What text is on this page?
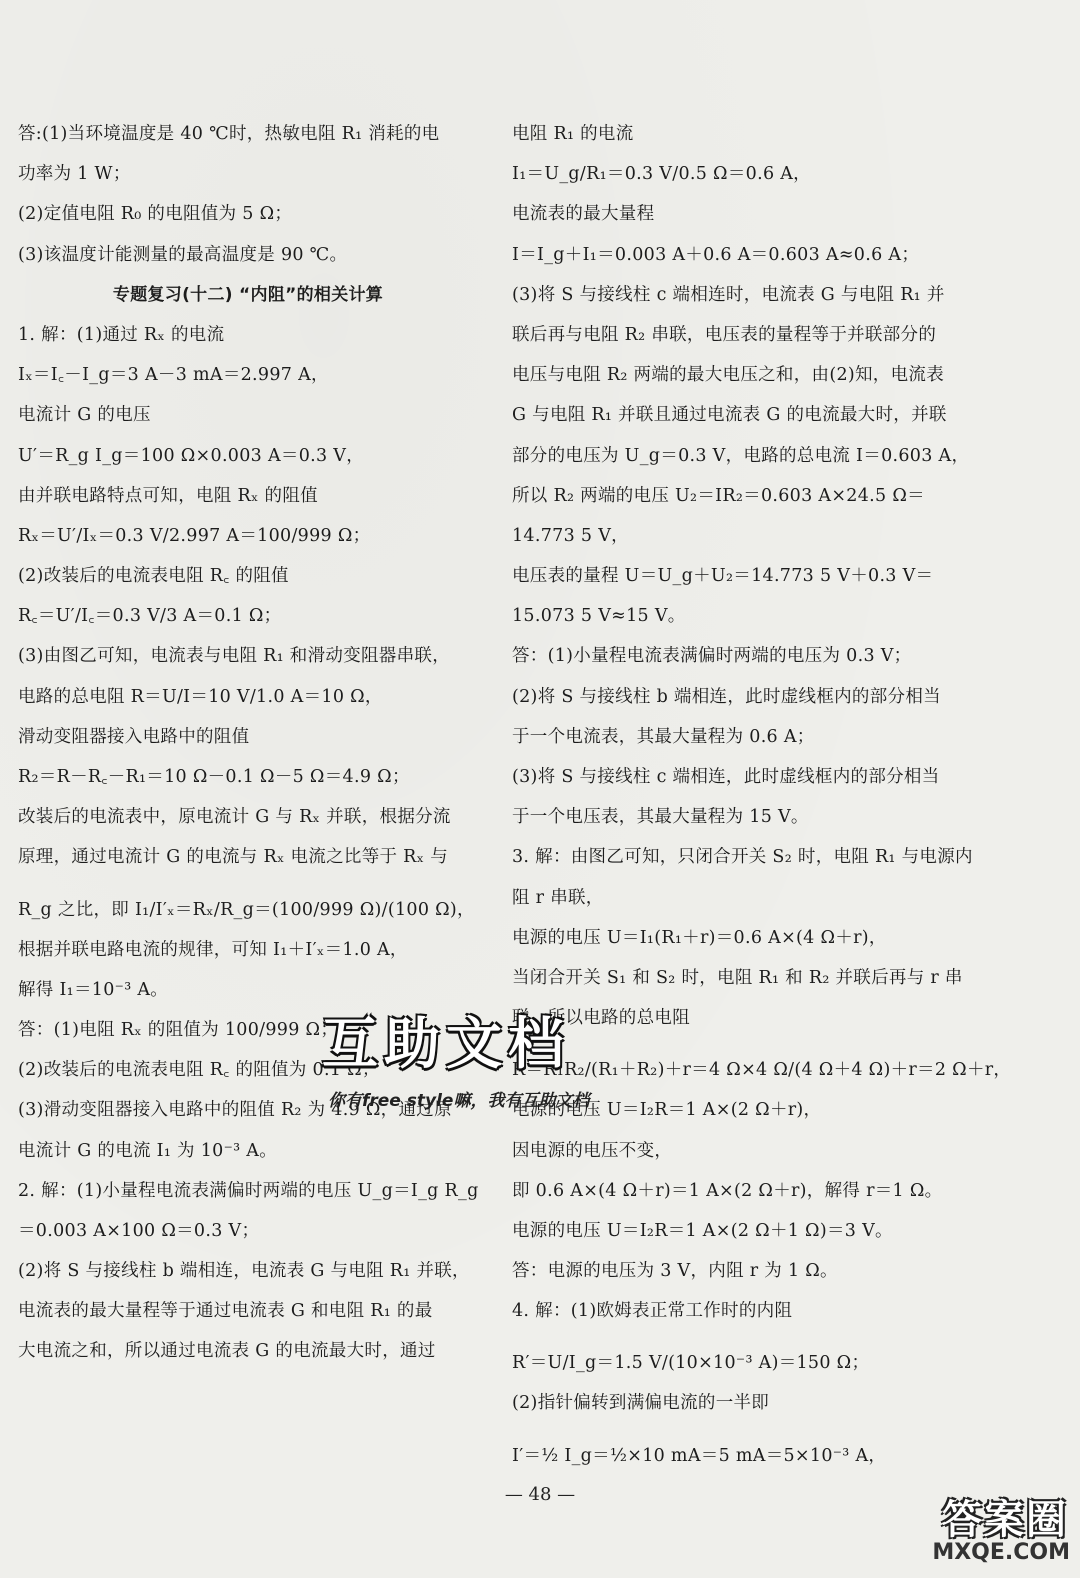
答:(1)当环境温度是 40 ℃时，热敏电阻 R₁ 消耗的电
功率为 1 W；
(2)定值电阻 R₀ 的电阻值为 5 Ω；
(3)该温度计能测量的最高温度是 90 ℃。
专题复习(十二) “内阻”的相关计算
1. 解：(1)通过 Rₓ 的电流
Iₓ＝I꜀－I_g＝3 A－3 mA＝2.997 A，
电流计 G 的电压
U′＝R_g I_g＝100 Ω×0.003 A＝0.3 V，
由并联电路特点可知，电阻 Rₓ 的阻值
Rₓ＝U′/Iₓ＝0.3 V/2.997 A＝100/999 Ω；
(2)改装后的电流表电阻 R꜀ 的阻值
R꜀＝U′/I꜀＝0.3 V/3 A＝0.1 Ω；
(3)由图乙可知，电流表与电阻 R₁ 和滑动变阻器串联，
电路的总电阻 R＝U/I＝10 V/1.0 A＝10 Ω，
滑动变阻器接入电路中的阻值
R₂＝R－R꜀－R₁＝10 Ω－0.1 Ω－5 Ω＝4.9 Ω；
改装后的电流表中，原电流计 G 与 Rₓ 并联，根据分流
原理，通过电流计 G 的电流与 Rₓ 电流之比等于 Rₓ 与
R_g 之比，即 I₁/I′ₓ＝Rₓ/R_g＝(100/999 Ω)/(100 Ω)，
根据并联电路电流的规律，可知 I₁＋I′ₓ＝1.0 A，
解得 I₁＝10⁻³ A。
答：(1)电阻 Rₓ 的阻值为 100/999 Ω；
(2)改装后的电流表电阻 R꜀ 的阻值为 0.1 Ω；
(3)滑动变阻器接入电路中的阻值 R₂ 为 4.9 Ω，通过原
电流计 G 的电流 I₁ 为 10⁻³ A。
2. 解：(1)小量程电流表满偏时两端的电压 U_g＝I_g R_g
＝0.003 A×100 Ω＝0.3 V；
(2)将 S 与接线柱 b 端相连，电流表 G 与电阻 R₁ 并联，
电流表的最大量程等于通过电流表 G 和电阻 R₁ 的最
大电流之和，所以通过电流表 G 的电流最大时，通过
电阻 R₁ 的电流
I₁＝U_g/R₁＝0.3 V/0.5 Ω＝0.6 A，
电流表的最大量程
I＝I_g＋I₁＝0.003 A＋0.6 A＝0.603 A≈0.6 A；
(3)将 S 与接线柱 c 端相连时，电流表 G 与电阻 R₁ 并
联后再与电阻 R₂ 串联，电压表的量程等于并联部分的
电压与电阻 R₂ 两端的最大电压之和，由(2)知，电流表
G 与电阻 R₁ 并联且通过电流表 G 的电流最大时，并联
部分的电压为 U_g＝0.3 V，电路的总电流 I＝0.603 A，
所以 R₂ 两端的电压 U₂＝IR₂＝0.603 A×24.5 Ω＝
14.773 5 V，
电压表的量程 U＝U_g＋U₂＝14.773 5 V＋0.3 V＝
15.073 5 V≈15 V。
答：(1)小量程电流表满偏时两端的电压为 0.3 V；
(2)将 S 与接线柱 b 端相连，此时虚线框内的部分相当
于一个电流表，其最大量程为 0.6 A；
(3)将 S 与接线柱 c 端相连，此时虚线框内的部分相当
于一个电压表，其最大量程为 15 V。
3. 解：由图乙可知，只闭合开关 S₂ 时，电阻 R₁ 与电源内
阻 r 串联，
电源的电压 U＝I₁(R₁＋r)＝0.6 A×(4 Ω＋r)，
当闭合开关 S₁ 和 S₂ 时，电阻 R₁ 和 R₂ 并联后再与 r 串
联，所以电路的总电阻
R＝R₁R₂/(R₁＋R₂)＋r＝4 Ω×4 Ω/(4 Ω＋4 Ω)＋r＝2 Ω＋r，
电源的电压 U＝I₂R＝1 A×(2 Ω＋r)，
因电源的电压不变，
即 0.6 A×(4 Ω＋r)＝1 A×(2 Ω＋r)，解得 r＝1 Ω。
电源的电压 U＝I₂R＝1 A×(2 Ω＋1 Ω)＝3 V。
答：电源的电压为 3 V，内阻 r 为 1 Ω。
4. 解：(1)欧姆表正常工作时的内阻
R′＝U/I_g＝1.5 V/(10×10⁻³ A)＝150 Ω；
(2)指针偏转到满偏电流的一半即
I′＝½ I_g＝½×10 mA＝5 mA＝5×10⁻³ A，
互助文档
你有free style嘛，我有互助文档
— 48 —
答案圈
MXQE.COM
